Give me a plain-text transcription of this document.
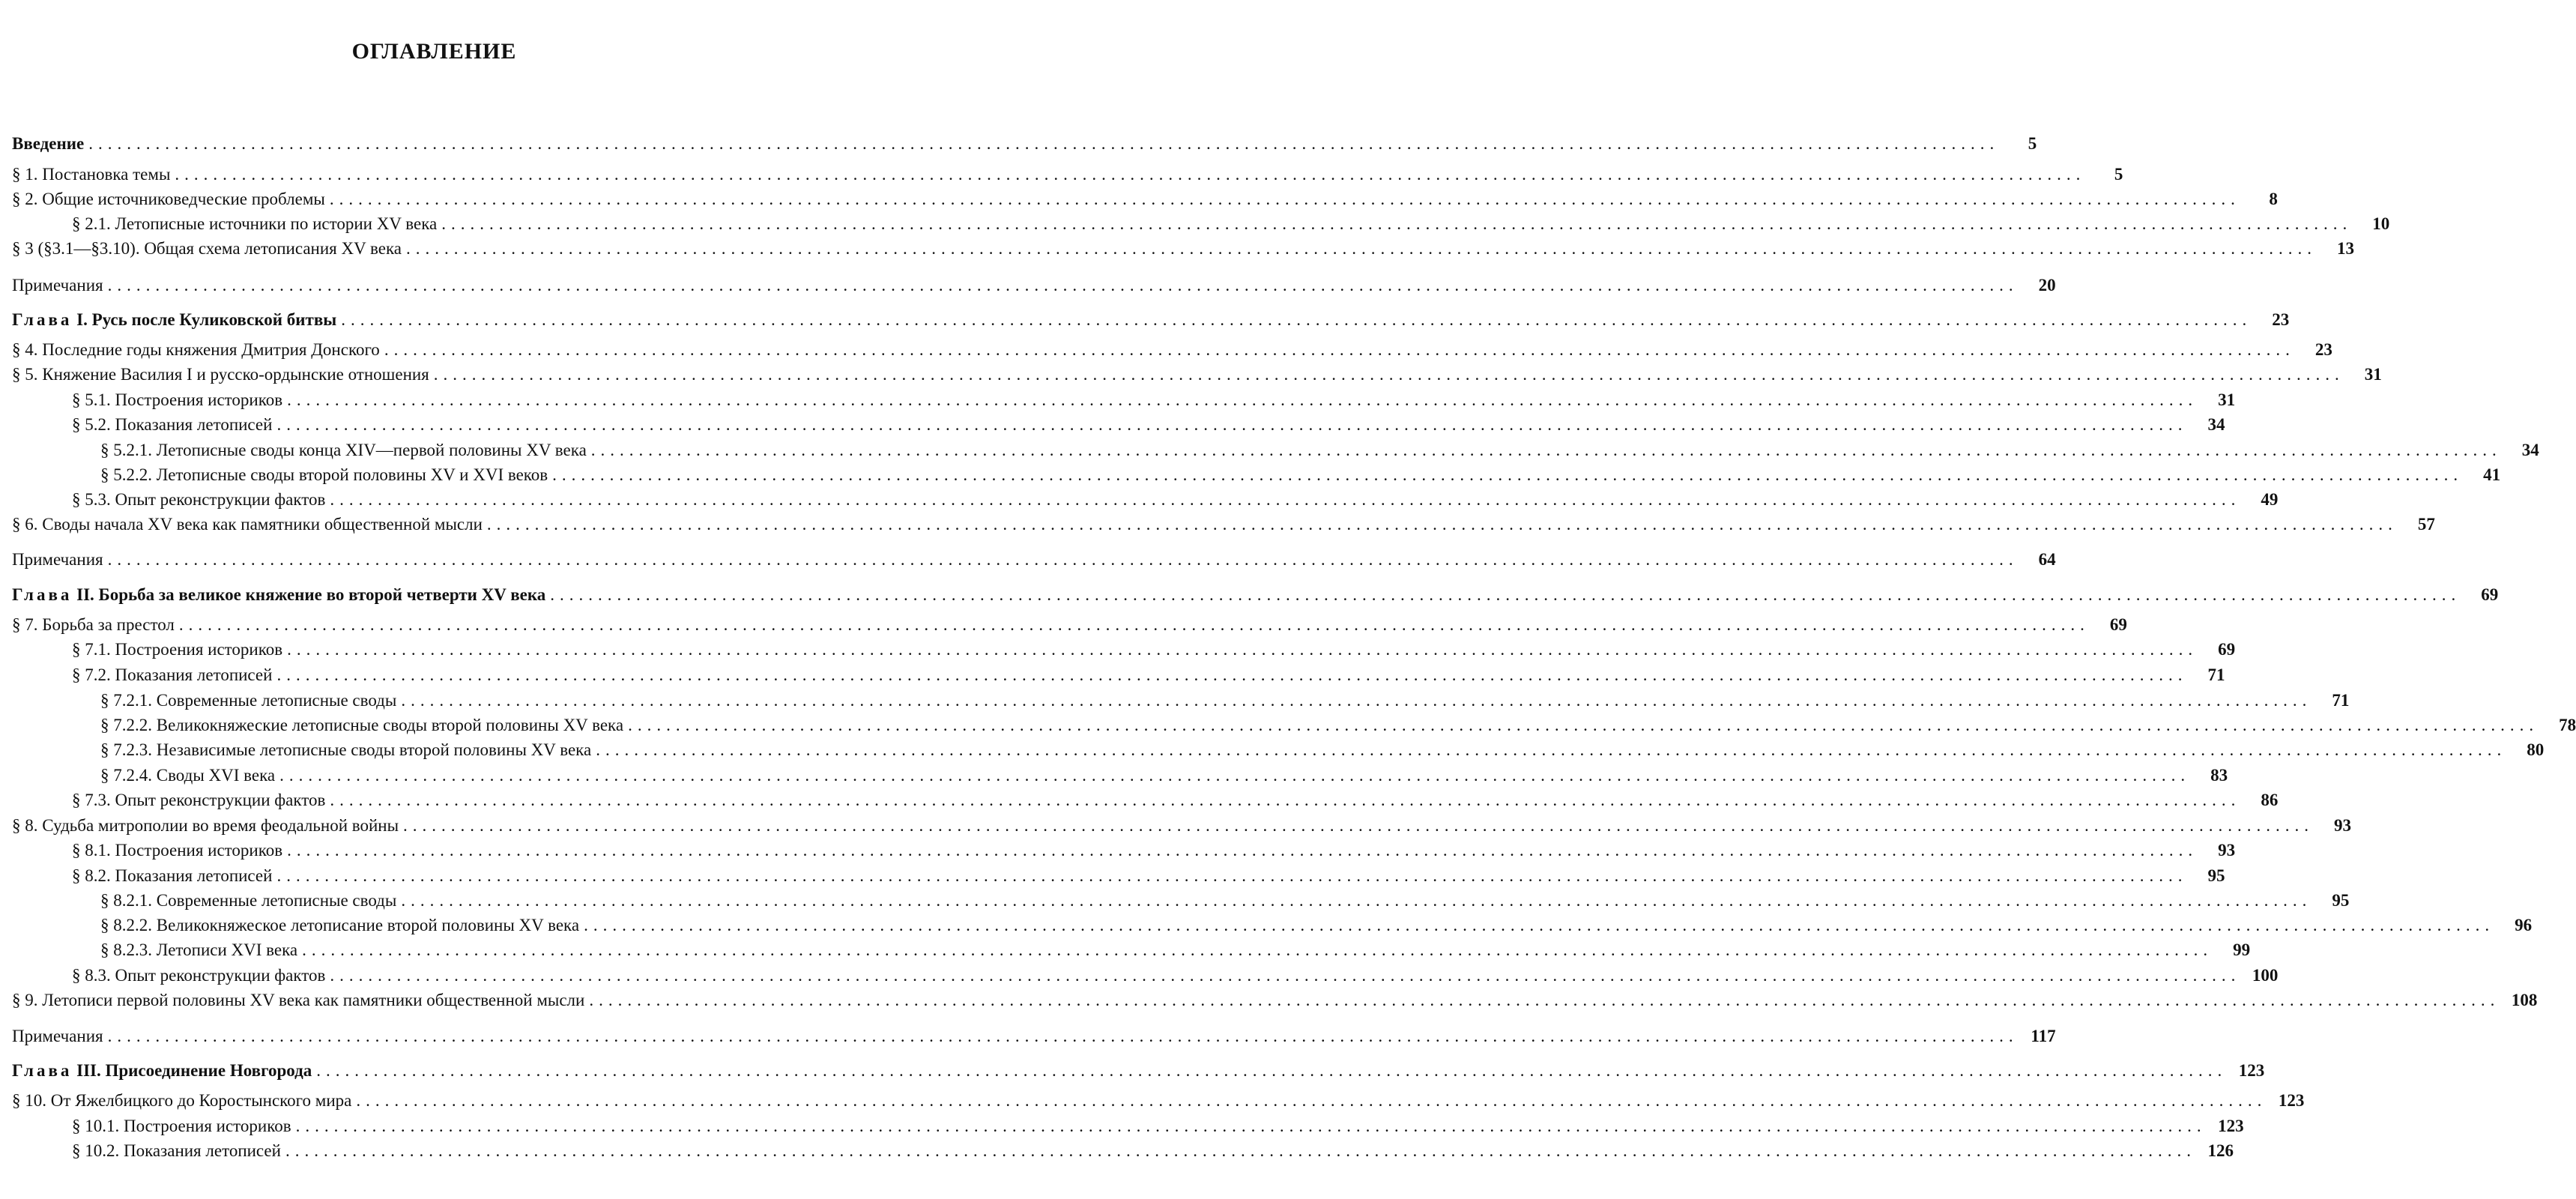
ОГЛАВЛЕНИЕ
Введение ........................................................................................................................................................................................................	5
§ 1. Постановка темы ........................................................................................................................................................................................................	5
§ 2. Общие источниковедческие проблемы ........................................................................................................................................................................................................	8
§ 2.1. Летописные источники по истории XV века ........................................................................................................................................................................................................	10
§ 3 (§3.1—§3.10). Общая схема летописания XV века ........................................................................................................................................................................................................	13
Примечания ........................................................................................................................................................................................................	20
Глава I. Русь после Куликовской битвы ........................................................................................................................................................................................................	23
§ 4. Последние годы княжения Дмитрия Донского ........................................................................................................................................................................................................	23
§ 5. Княжение Василия I и русско-ордынские отношения ........................................................................................................................................................................................................	31
§ 5.1. Построения историков ........................................................................................................................................................................................................	31
§ 5.2. Показания летописей ........................................................................................................................................................................................................	34
§ 5.2.1. Летописные своды конца XIV—первой половины XV века ........................................................................................................................................................................................................	34
§ 5.2.2. Летописные своды второй половины XV и XVI веков ........................................................................................................................................................................................................	41
§ 5.3. Опыт реконструкции фактов ........................................................................................................................................................................................................	49
§ 6. Своды начала XV века как памятники общественной мысли ........................................................................................................................................................................................................	57
Примечания ........................................................................................................................................................................................................	64
Глава II. Борьба за великое княжение во второй четверти XV века ........................................................................................................................................................................................................	69
§ 7. Борьба за престол ........................................................................................................................................................................................................	69
§ 7.1. Построения историков ........................................................................................................................................................................................................	69
§ 7.2. Показания летописей ........................................................................................................................................................................................................	71
§ 7.2.1. Современные летописные своды ........................................................................................................................................................................................................	71
§ 7.2.2. Великокняжеские летописные своды второй половины XV века ........................................................................................................................................................................................................	78
§ 7.2.3. Независимые летописные своды второй половины XV века ........................................................................................................................................................................................................	80
§ 7.2.4. Своды XVI века ........................................................................................................................................................................................................	83
§ 7.3. Опыт реконструкции фактов ........................................................................................................................................................................................................	86
§ 8. Судьба митрополии во время феодальной войны ........................................................................................................................................................................................................	93
§ 8.1. Построения историков ........................................................................................................................................................................................................	93
§ 8.2. Показания летописей ........................................................................................................................................................................................................	95
§ 8.2.1. Современные летописные своды ........................................................................................................................................................................................................	95
§ 8.2.2. Великокняжеское летописание второй половины XV века ........................................................................................................................................................................................................	96
§ 8.2.3. Летописи XVI века ........................................................................................................................................................................................................	99
§ 8.3. Опыт реконструкции фактов ........................................................................................................................................................................................................ 100
§ 9. Летописи первой половины XV века как памятники общественной мысли ........................................................................................................................................................................................................ 108
Примечания ........................................................................................................................................................................................................ 117
Глава III. Присоединение Новгорода ........................................................................................................................................................................................................ 123
§ 10. От Яжелбицкого до Коростынского мира ........................................................................................................................................................................................................ 123
§ 10.1. Построения историков ........................................................................................................................................................................................................ 123
§ 10.2. Показания летописей ........................................................................................................................................................................................................ 126
